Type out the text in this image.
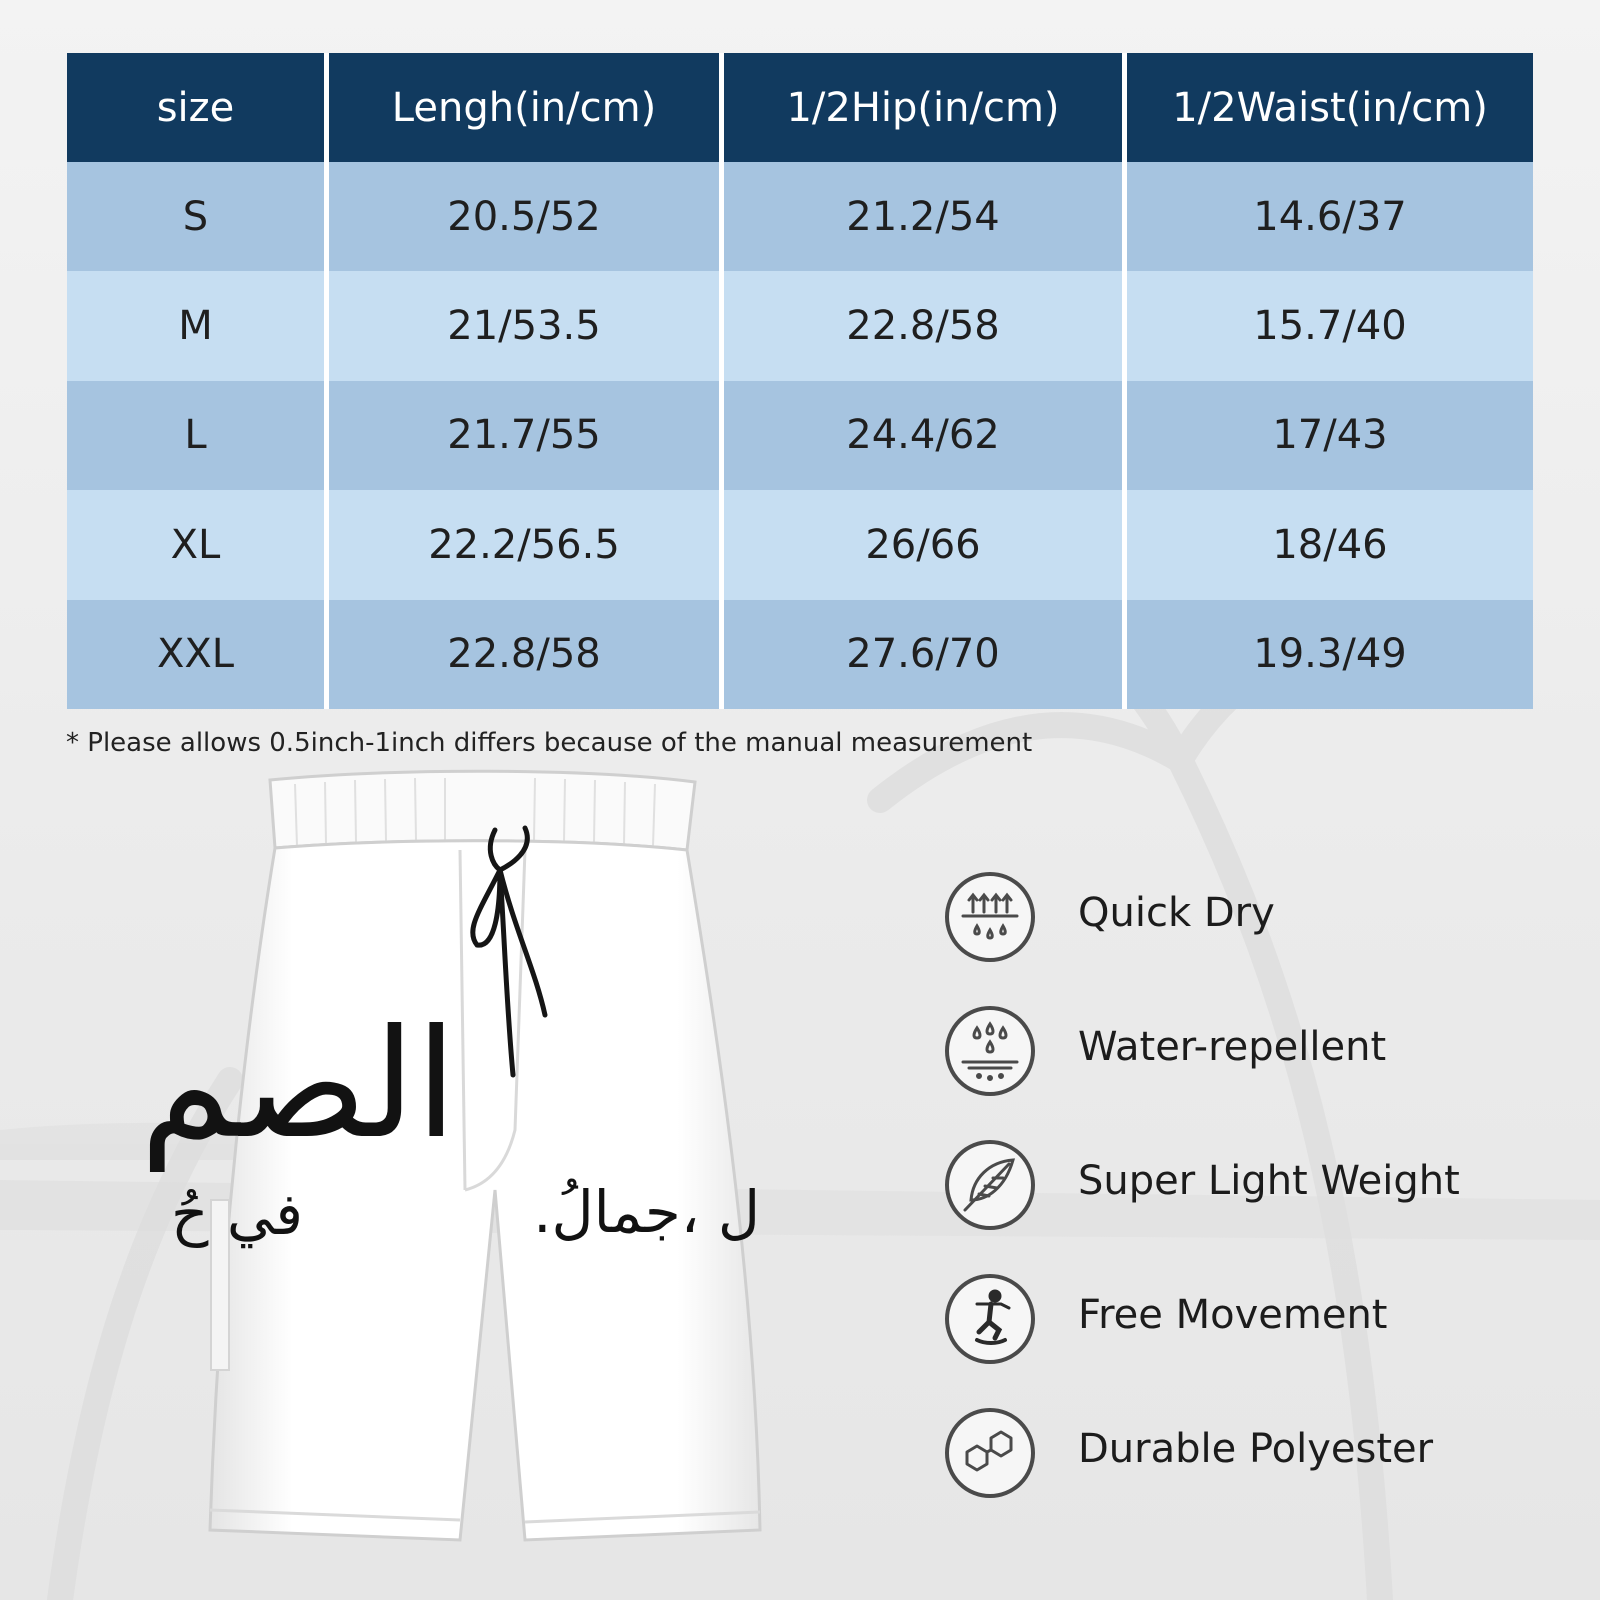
size	Lengh(in/cm)	1/2Hip(in/cm)	1/2Waist(in/cm)
S	20.5/52	21.2/54	14.6/37
M	21/53.5	22.8/58	15.7/40
L	21.7/55	24.4/62	17/43
XL	22.2/56.5	26/66	18/46
XXL	22.8/58	27.6/70	19.3/49
* Please allows 0.5inch-1inch differs because of the manual measurement
الصم
في حُ	ل ،جمالُ.
Quick Dry
Water-repellent
Super Light Weight
Free Movement
Durable Polyester
